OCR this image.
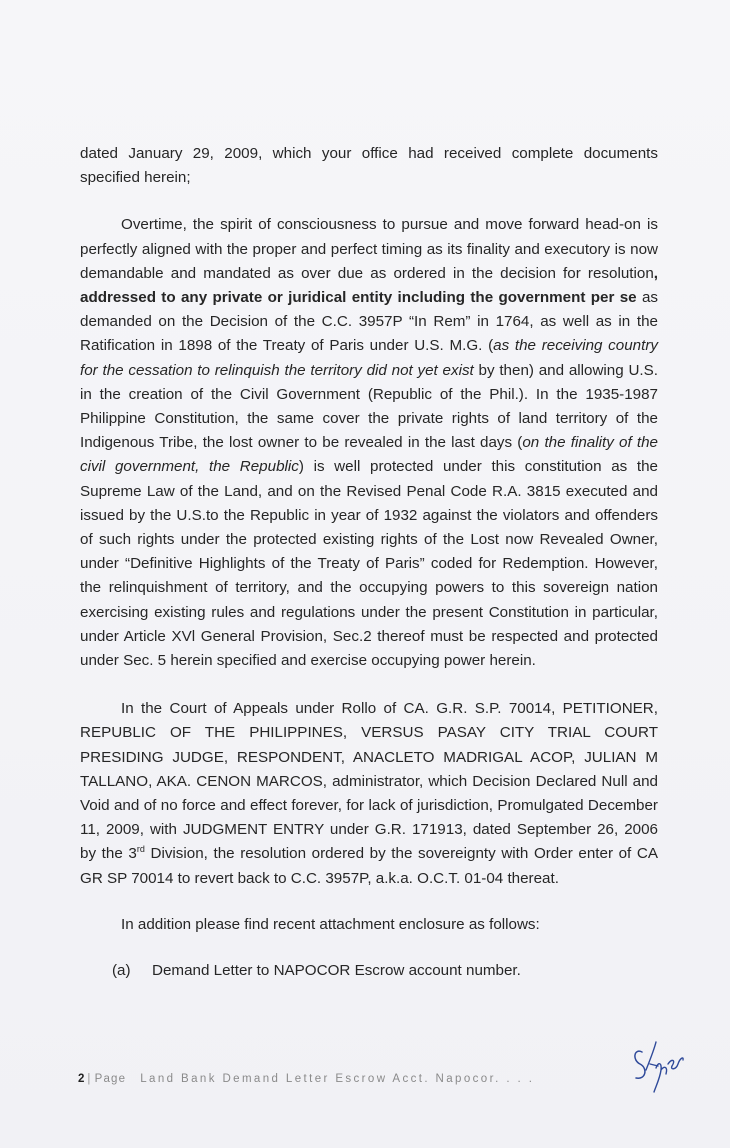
dated January 29, 2009, which your office had received complete documents specified herein;

Overtime, the spirit of consciousness to pursue and move forward head-on is perfectly aligned with the proper and perfect timing as its finality and executory is now demandable and mandated as over due as ordered in the decision for resolution, addressed to any private or juridical entity including the government per se as demanded on the Decision of the C.C. 3957P “In Rem” in 1764, as well as in the Ratification in 1898 of the Treaty of Paris under U.S. M.G. (as the receiving country for the cessation to relinquish the territory did not yet exist by then) and allowing U.S. in the creation of the Civil Government (Republic of the Phil.). In the 1935-1987 Philippine Constitution, the same cover the private rights of land territory of the Indigenous Tribe, the lost owner to be revealed in the last days (on the finality of the civil government, the Republic) is well protected under this constitution as the Supreme Law of the Land, and on the Revised Penal Code R.A. 3815 executed and issued by the U.S.to the Republic in year of 1932 against the violators and offenders of such rights under the protected existing rights of the Lost now Revealed Owner, under “Definitive Highlights of the Treaty of Paris” coded for Redemption. However, the relinquishment of territory, and the occupying powers to this sovereign nation exercising existing rules and regulations under the present Constitution in particular, under Article XVl General Provision, Sec.2 thereof must be respected and protected under Sec. 5 herein specified and exercise occupying power herein.

In the Court of Appeals under Rollo of CA. G.R. S.P. 70014, PETITIONER, REPUBLIC OF THE PHILIPPINES, VERSUS PASAY CITY TRIAL COURT PRESIDING JUDGE, RESPONDENT, ANACLETO MADRIGAL ACOP, JULIAN M TALLANO, AKA. CENON MARCOS, administrator, which Decision Declared Null and Void and of no force and effect forever, for lack of jurisdiction, Promulgated December 11, 2009, with JUDGMENT ENTRY under G.R. 171913, dated September 26, 2006 by the 3rd Division, the resolution ordered by the sovereignty with Order enter of CA GR SP 70014 to revert back to C.C. 3957P, a.k.a. O.C.T. 01-04 thereat.

In addition please find recent attachment enclosure as follows:

(a) Demand Letter to NAPOCOR Escrow account number.

2 | Page Land Bank Demand Letter Escrow Acct. Napocor. . . .
